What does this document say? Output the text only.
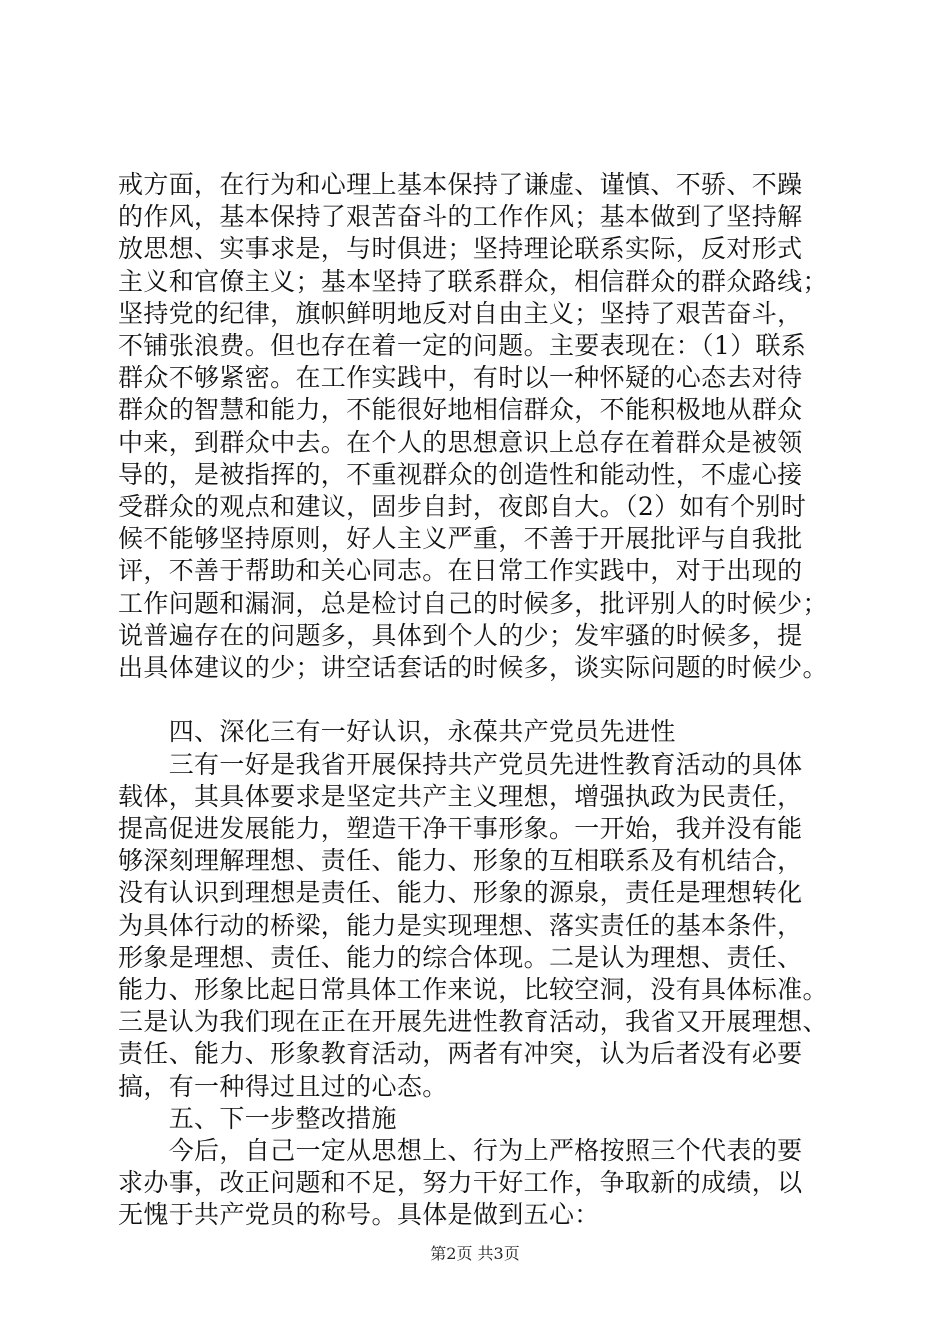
戒方面，在行为和心理上基本保持了谦虚、谨慎、不骄、不躁
的作风，基本保持了艰苦奋斗的工作作风；基本做到了坚持解
放思想、实事求是，与时俱进；坚持理论联系实际，反对形式
主义和官僚主义；基本坚持了联系群众，相信群众的群众路线；
坚持党的纪律，旗帜鲜明地反对自由主义；坚持了艰苦奋斗，
不铺张浪费。但也存在着一定的问题。主要表现在：（1）联系
群众不够紧密。在工作实践中，有时以一种怀疑的心态去对待
群众的智慧和能力，不能很好地相信群众，不能积极地从群众
中来，到群众中去。在个人的思想意识上总存在着群众是被领
导的，是被指挥的，不重视群众的创造性和能动性，不虚心接
受群众的观点和建议，固步自封，夜郎自大。（2）如有个别时
候不能够坚持原则，好人主义严重，不善于开展批评与自我批
评，不善于帮助和关心同志。在日常工作实践中，对于出现的
工作问题和漏洞，总是检讨自己的时候多，批评别人的时候少；
说普遍存在的问题多，具体到个人的少；发牢骚的时候多，提
出具体建议的少；讲空话套话的时候多，谈实际问题的时候少。
　　四、深化三有一好认识，永葆共产党员先进性
　　三有一好是我省开展保持共产党员先进性教育活动的具体
载体，其具体要求是坚定共产主义理想，增强执政为民责任，
提高促进发展能力，塑造干净干事形象。一开始，我并没有能
够深刻理解理想、责任、能力、形象的互相联系及有机结合，
没有认识到理想是责任、能力、形象的源泉，责任是理想转化
为具体行动的桥梁，能力是实现理想、落实责任的基本条件，
形象是理想、责任、能力的综合体现。二是认为理想、责任、
能力、形象比起日常具体工作来说，比较空洞，没有具体标准。
三是认为我们现在正在开展先进性教育活动，我省又开展理想、
责任、能力、形象教育活动，两者有冲突，认为后者没有必要
搞，有一种得过且过的心态。
　　五、下一步整改措施
　　今后，自己一定从思想上、行为上严格按照三个代表的要
求办事，改正问题和不足，努力干好工作，争取新的成绩，以
无愧于共产党员的称号。具体是做到五心：
第2页 共3页
